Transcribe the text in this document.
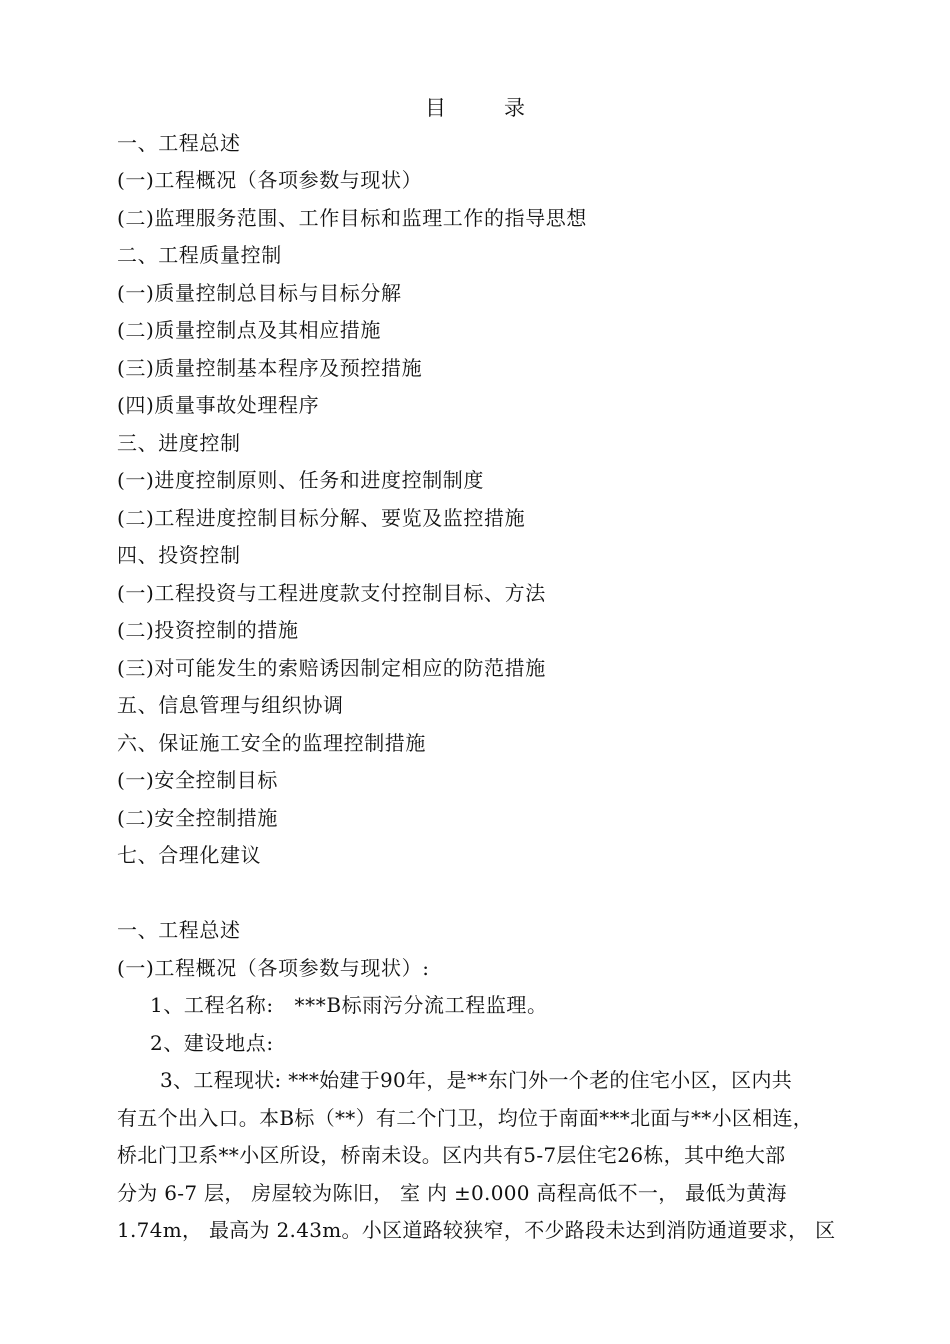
目	录
一、工程总述
(一)工程概况（各项参数与现状）
(二)监理服务范围、工作目标和监理工作的指导思想
二、工程质量控制
(一)质量控制总目标与目标分解
(二)质量控制点及其相应措施
(三)质量控制基本程序及预控措施
(四)质量事故处理程序
三、进度控制
(一)进度控制原则、任务和进度控制制度
(二)工程进度控制目标分解、要览及监控措施
四、投资控制
(一)工程投资与工程进度款支付控制目标、方法
(二)投资控制的措施
(三)对可能发生的索赔诱因制定相应的防范措施
五、信息管理与组织协调
六、保证施工安全的监理控制措施
(一)安全控制目标
(二)安全控制措施
七、合理化建议
一、工程总述
(一)工程概况（各项参数与现状）:
1、工程名称:   ***B标雨污分流工程监理。
2、建设地点:
3、工程现状: ***始建于90年，是**东门外一个老的住宅小区，区内共
有五个出入口。本B标（**）有二个门卫，均位于南面***北面与**小区相连，
桥北门卫系**小区所设，桥南未设。区内共有5-7层住宅26栋，其中绝大部
分为 6-7 层， 房屋较为陈旧， 室 内 ±0.000 高程高低不一， 最低为黄海
1.74m， 最高为 2.43m。小区道路较狭窄，不少路段未达到消防通道要求， 区
